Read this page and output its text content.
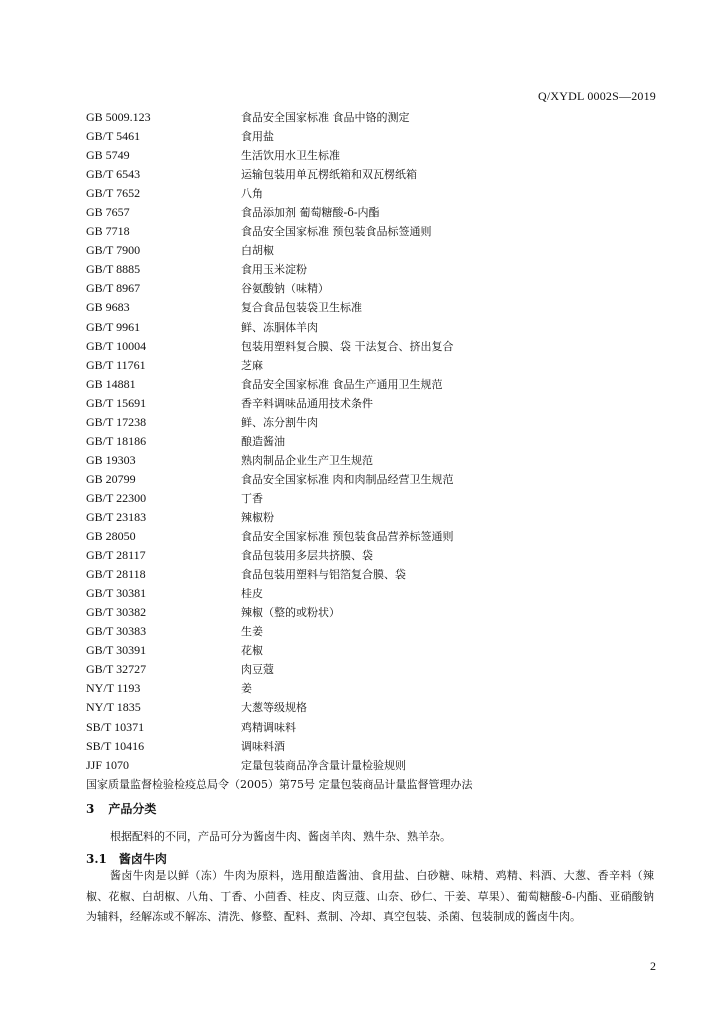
Q/XYDL 0002S—2019
GB 5009.123	食品安全国家标准 食品中铬的测定
GB/T 5461	食用盐
GB 5749	生活饮用水卫生标准
GB/T 6543	运输包装用单瓦楞纸箱和双瓦楞纸箱
GB/T 7652	八角
GB 7657	食品添加剂 葡萄糖酸-δ-内酯
GB 7718	食品安全国家标准 预包装食品标签通则
GB/T 7900	白胡椒
GB/T 8885	食用玉米淀粉
GB/T 8967	谷氨酸钠（味精）
GB 9683	复合食品包装袋卫生标准
GB/T 9961	鲜、冻胴体羊肉
GB/T 10004	包装用塑料复合膜、袋 干法复合、挤出复合
GB/T 11761	芝麻
GB 14881	食品安全国家标准 食品生产通用卫生规范
GB/T 15691	香辛料调味品通用技术条件
GB/T 17238	鲜、冻分割牛肉
GB/T 18186	酿造酱油
GB 19303	熟肉制品企业生产卫生规范
GB 20799	食品安全国家标准 肉和肉制品经营卫生规范
GB/T 22300	丁香
GB/T 23183	辣椒粉
GB 28050	食品安全国家标准 预包装食品营养标签通则
GB/T 28117	食品包装用多层共挤膜、袋
GB/T 28118	食品包装用塑料与铝箔复合膜、袋
GB/T 30381	桂皮
GB/T 30382	辣椒（整的或粉状）
GB/T 30383	生姜
GB/T 30391	花椒
GB/T 32727	肉豆蔻
NY/T 1193	姜
NY/T 1835	大葱等级规格
SB/T 10371	鸡精调味料
SB/T 10416	调味料酒
JJF 1070	定量包装商品净含量计量检验规则
国家质量监督检验检疫总局令（2005）第75号 定量包装商品计量监督管理办法
3 产品分类

根据配料的不同，产品可分为酱卤牛肉、酱卤羊肉、熟牛杂、熟羊杂。

3.1 酱卤牛肉

酱卤牛肉是以鲜（冻）牛肉为原料，选用酿造酱油、食用盐、白砂糖、味精、鸡精、料酒、大葱、香辛料（辣椒、花椒、白胡椒、八角、丁香、小茴香、桂皮、肉豆蔻、山奈、砂仁、干姜、草果）、葡萄糖酸-δ-内酯、亚硝酸钠为辅料，经解冻或不解冻、清洗、修整、配料、煮制、冷却、真空包装、杀菌、包装制成的酱卤牛肉。

2
